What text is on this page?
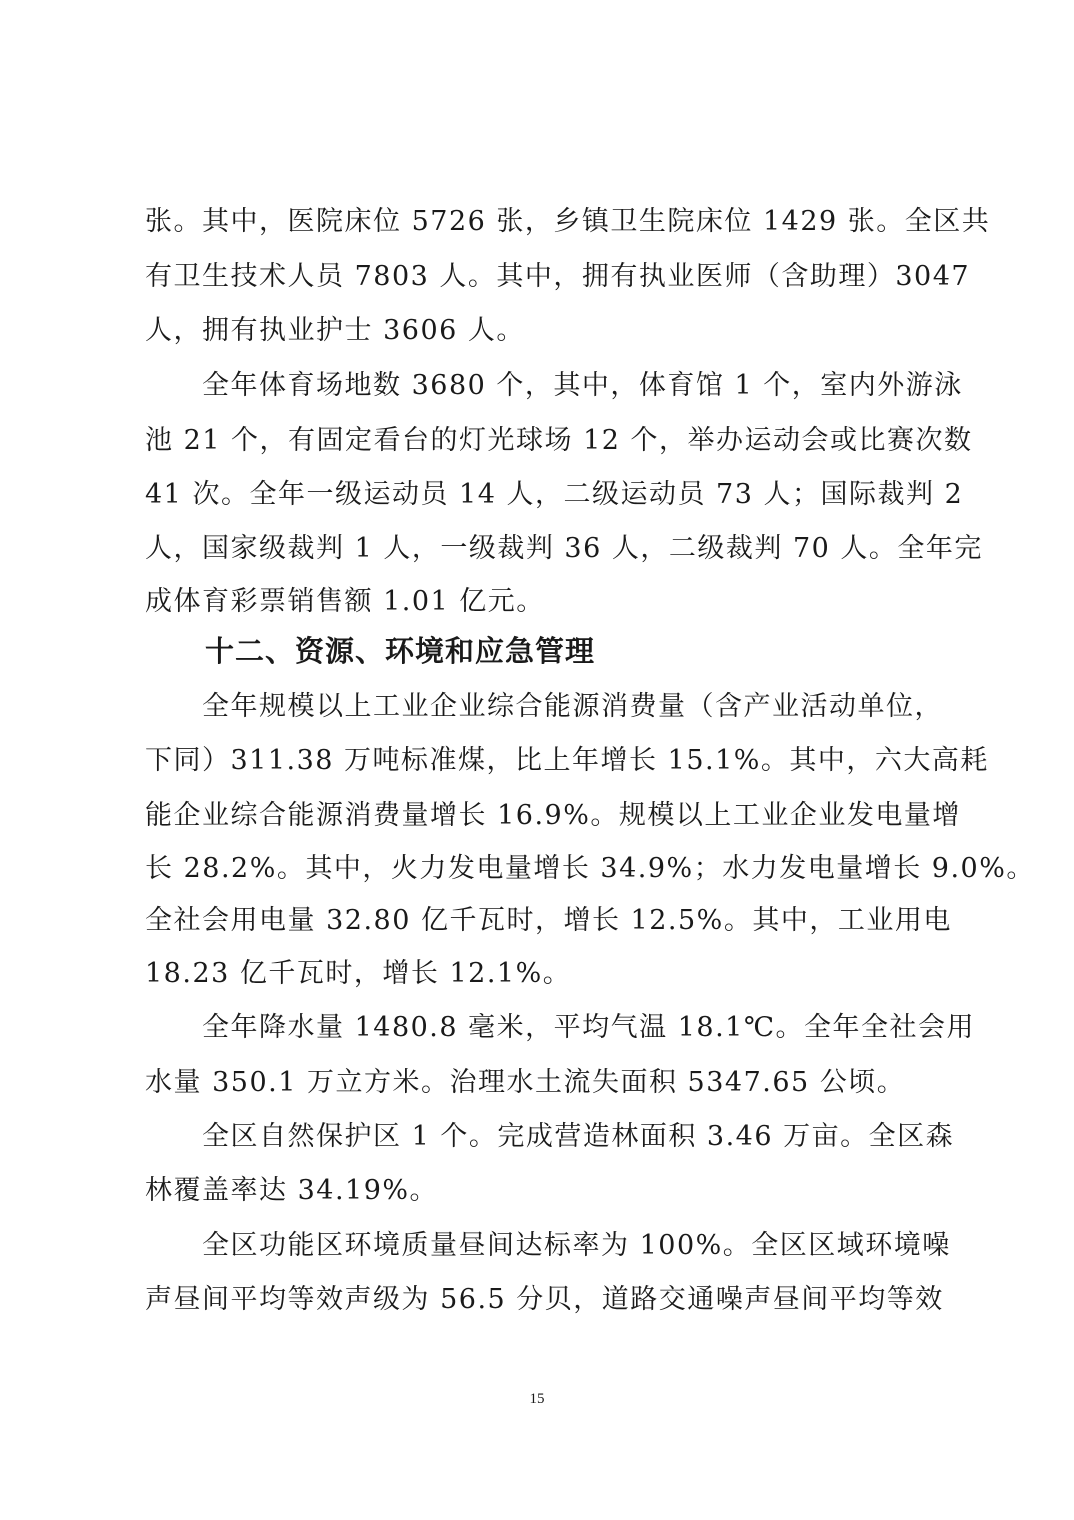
张。其中，医院床位 5726 张，乡镇卫生院床位 1429 张。全区共
有卫生技术人员 7803 人。其中，拥有执业医师（含助理）3047
人，拥有执业护士 3606 人。
全年体育场地数 3680 个，其中，体育馆 1 个，室内外游泳
池 21 个，有固定看台的灯光球场 12 个，举办运动会或比赛次数
41 次。全年一级运动员 14 人，二级运动员 73 人；国际裁判 2
人，国家级裁判 1 人，一级裁判 36 人，二级裁判 70 人。全年完
成体育彩票销售额 1.01 亿元。
十二、资源、环境和应急管理
全年规模以上工业企业综合能源消费量（含产业活动单位，
下同）311.38 万吨标准煤，比上年增长 15.1%。其中，六大高耗
能企业综合能源消费量增长 16.9%。规模以上工业企业发电量增
长 28.2%。其中，火力发电量增长 34.9%；水力发电量增长 9.0%。
全社会用电量 32.80 亿千瓦时，增长 12.5%。其中，工业用电
18.23 亿千瓦时，增长 12.1%。
全年降水量 1480.8 毫米，平均气温 18.1℃。全年全社会用
水量 350.1 万立方米。治理水土流失面积 5347.65 公顷。
全区自然保护区 1 个。完成营造林面积 3.46 万亩。全区森
林覆盖率达 34.19%。
全区功能区环境质量昼间达标率为 100%。全区区域环境噪
声昼间平均等效声级为 56.5 分贝，道路交通噪声昼间平均等效
15
